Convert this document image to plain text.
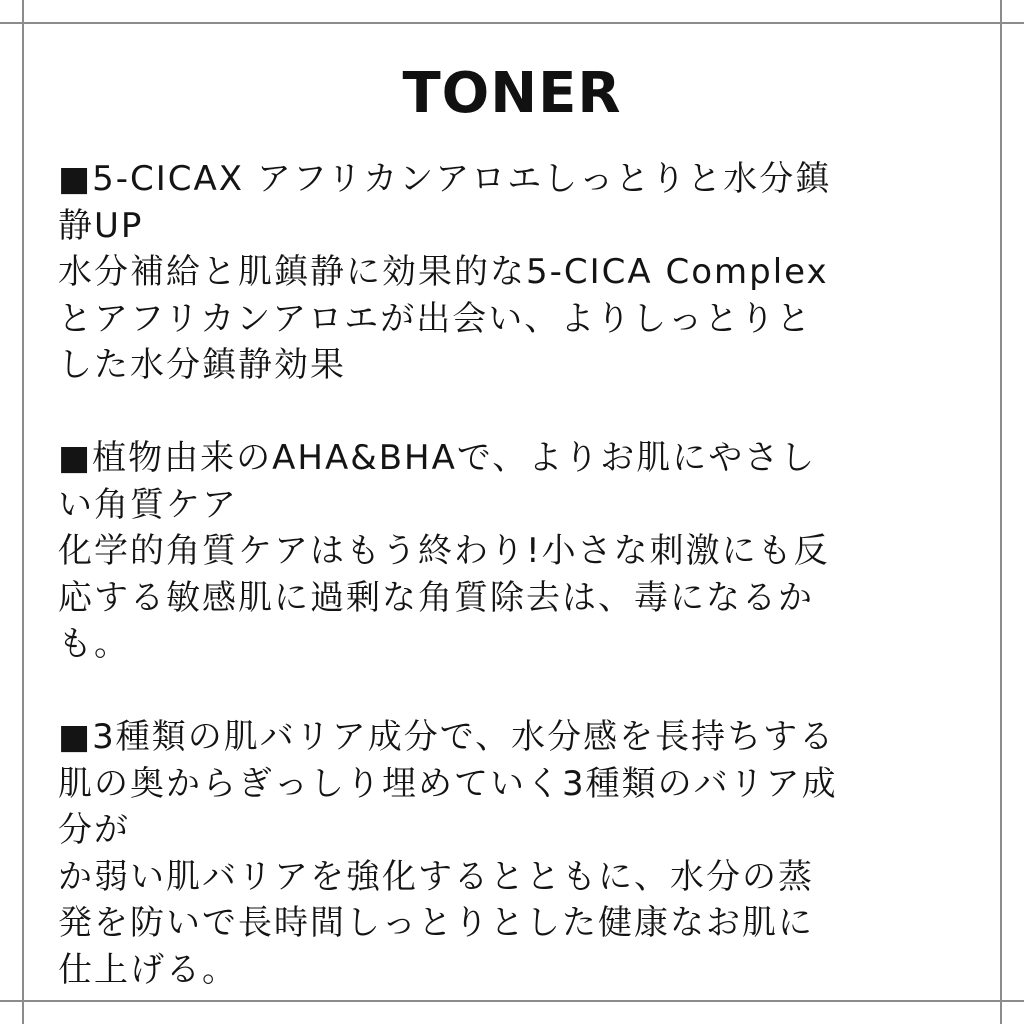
TONER
■5-CICAX アフリカンアロエしっとりと水分鎮
静UP
水分補給と肌鎮静に効果的な5-CICA Complex
とアフリカンアロエが出会い、よりしっとりと
した水分鎮静効果
■植物由来のAHA&BHAで、よりお肌にやさし
い角質ケア
化学的角質ケアはもう終わり!小さな刺激にも反
応する敏感肌に過剰な角質除去は、毒になるか
も。
■3種類の肌バリア成分で、水分感を長持ちする
肌の奥からぎっしり埋めていく3種類のバリア成
分が
か弱い肌バリアを強化するとともに、水分の蒸
発を防いで長時間しっとりとした健康なお肌に
仕上げる。
